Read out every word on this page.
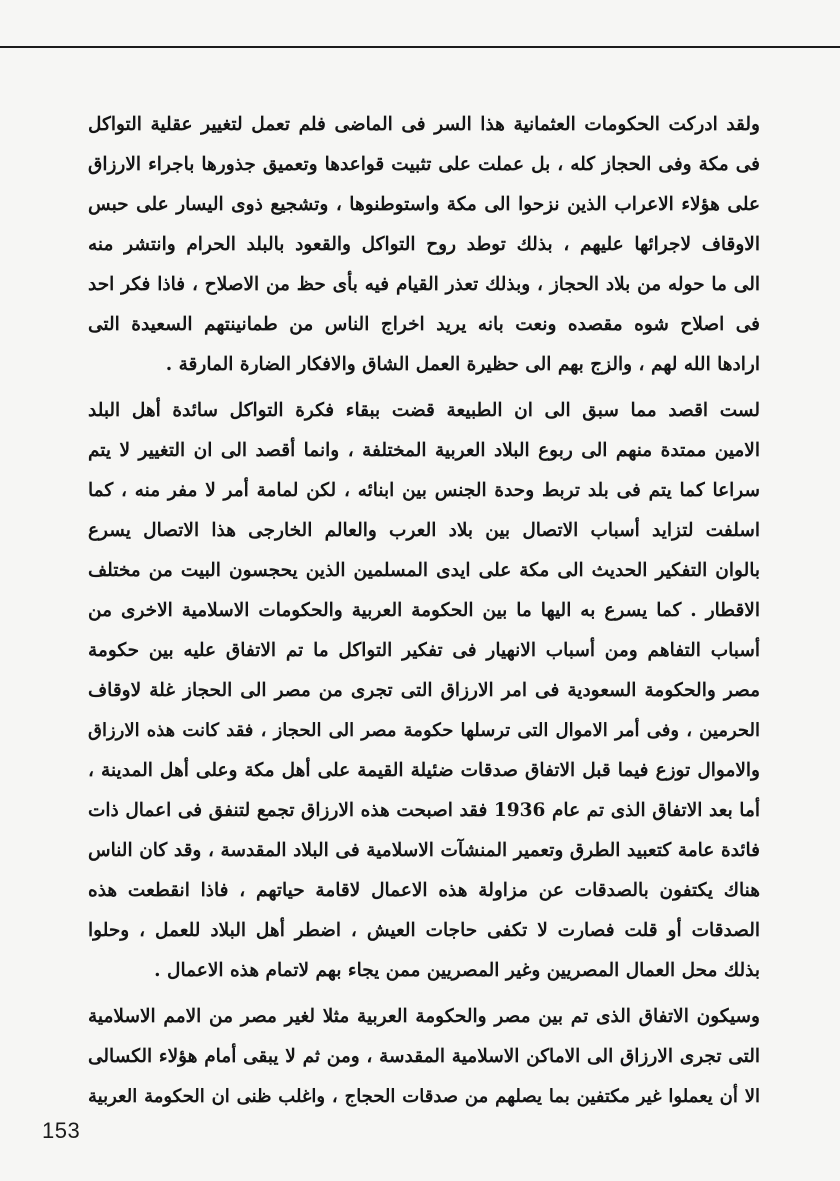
ولقد ادركت الحكومات العثمانية هذا السر فى الماضى فلم تعمل لتغيير عقلية التواكل
فى مكة وفى الحجاز كله ، بل عملت على تثبيت قواعدها وتعميق جذورها باجراء الارزاق
على هؤلاء الاعراب الذين نزحوا الى مكة واستوطنوها ، وتشجيع ذوى اليسار على حبس
الاوقاف لاجرائها عليهم ، بذلك توطد روح التواكل والقعود بالبلد الحرام وانتشر منه
الى ما حوله من بلاد الحجاز ، وبذلك تعذر القيام فيه بأى حظ من الاصلاح ، فاذا فكر احد
فى اصلاح شوه مقصده ونعت بانه يريد اخراج الناس من طمانينتهم السعيدة التى
ارادها الله لهم ، والزج بهم الى حظيرة العمل الشاق والافكار الضارة المارقة .

لست اقصد مما سبق الى ان الطبيعة قضت ببقاء فكرة التواكل سائدة أهل البلد
الامين ممتدة منهم الى ربوع البلاد العربية المختلفة ، وانما أقصد الى ان التغيير لا يتم
سراعا كما يتم فى بلد تربط وحدة الجنس بين ابنائه ، لكن لمامة أمر لا مفر منه ، كما
اسلفت لتزايد أسباب الاتصال بين بلاد العرب والعالم الخارجى هذا الاتصال يسرع
بالوان التفكير الحديث الى مكة على ايدى المسلمين الذين يحجسون البيت من مختلف
الاقطار . كما يسرع به اليها ما بين الحكومة العربية والحكومات الاسلامية الاخرى من
أسباب التفاهم ومن أسباب الانهيار فى تفكير التواكل ما تم الاتفاق عليه بين حكومة
مصر والحكومة السعودية فى امر الارزاق التى تجرى من مصر الى الحجاز غلة لاوقاف
الحرمين ، وفى أمر الاموال التى ترسلها حكومة مصر الى الحجاز ، فقد كانت هذه الارزاق
والاموال توزع فيما قبل الاتفاق صدقات ضئيلة القيمة على أهل مكة وعلى أهل المدينة ،
أما بعد الاتفاق الذى تم عام 1936 فقد اصبحت هذه الارزاق تجمع لتنفق فى اعمال ذات
فائدة عامة كتعبيد الطرق وتعمير المنشآت الاسلامية فى البلاد المقدسة ، وقد كان الناس
هناك يكتفون بالصدقات عن مزاولة هذه الاعمال لاقامة حياتهم ، فاذا انقطعت هذه
الصدقات أو قلت فصارت لا تكفى حاجات العيش ، اضطر أهل البلاد للعمل ، وحلوا
بذلك محل العمال المصريين وغير المصريين ممن يجاء بهم لاتمام هذه الاعمال .

وسيكون الاتفاق الذى تم بين مصر والحكومة العربية مثلا لغير مصر من الامم الاسلامية
التى تجرى الارزاق الى الاماكن الاسلامية المقدسة ، ومن ثم لا يبقى أمام هؤلاء الكسالى
الا أن يعملوا غير مكتفين بما يصلهم من صدقات الحجاج ، واغلب ظنى ان الحكومة العربية

153
